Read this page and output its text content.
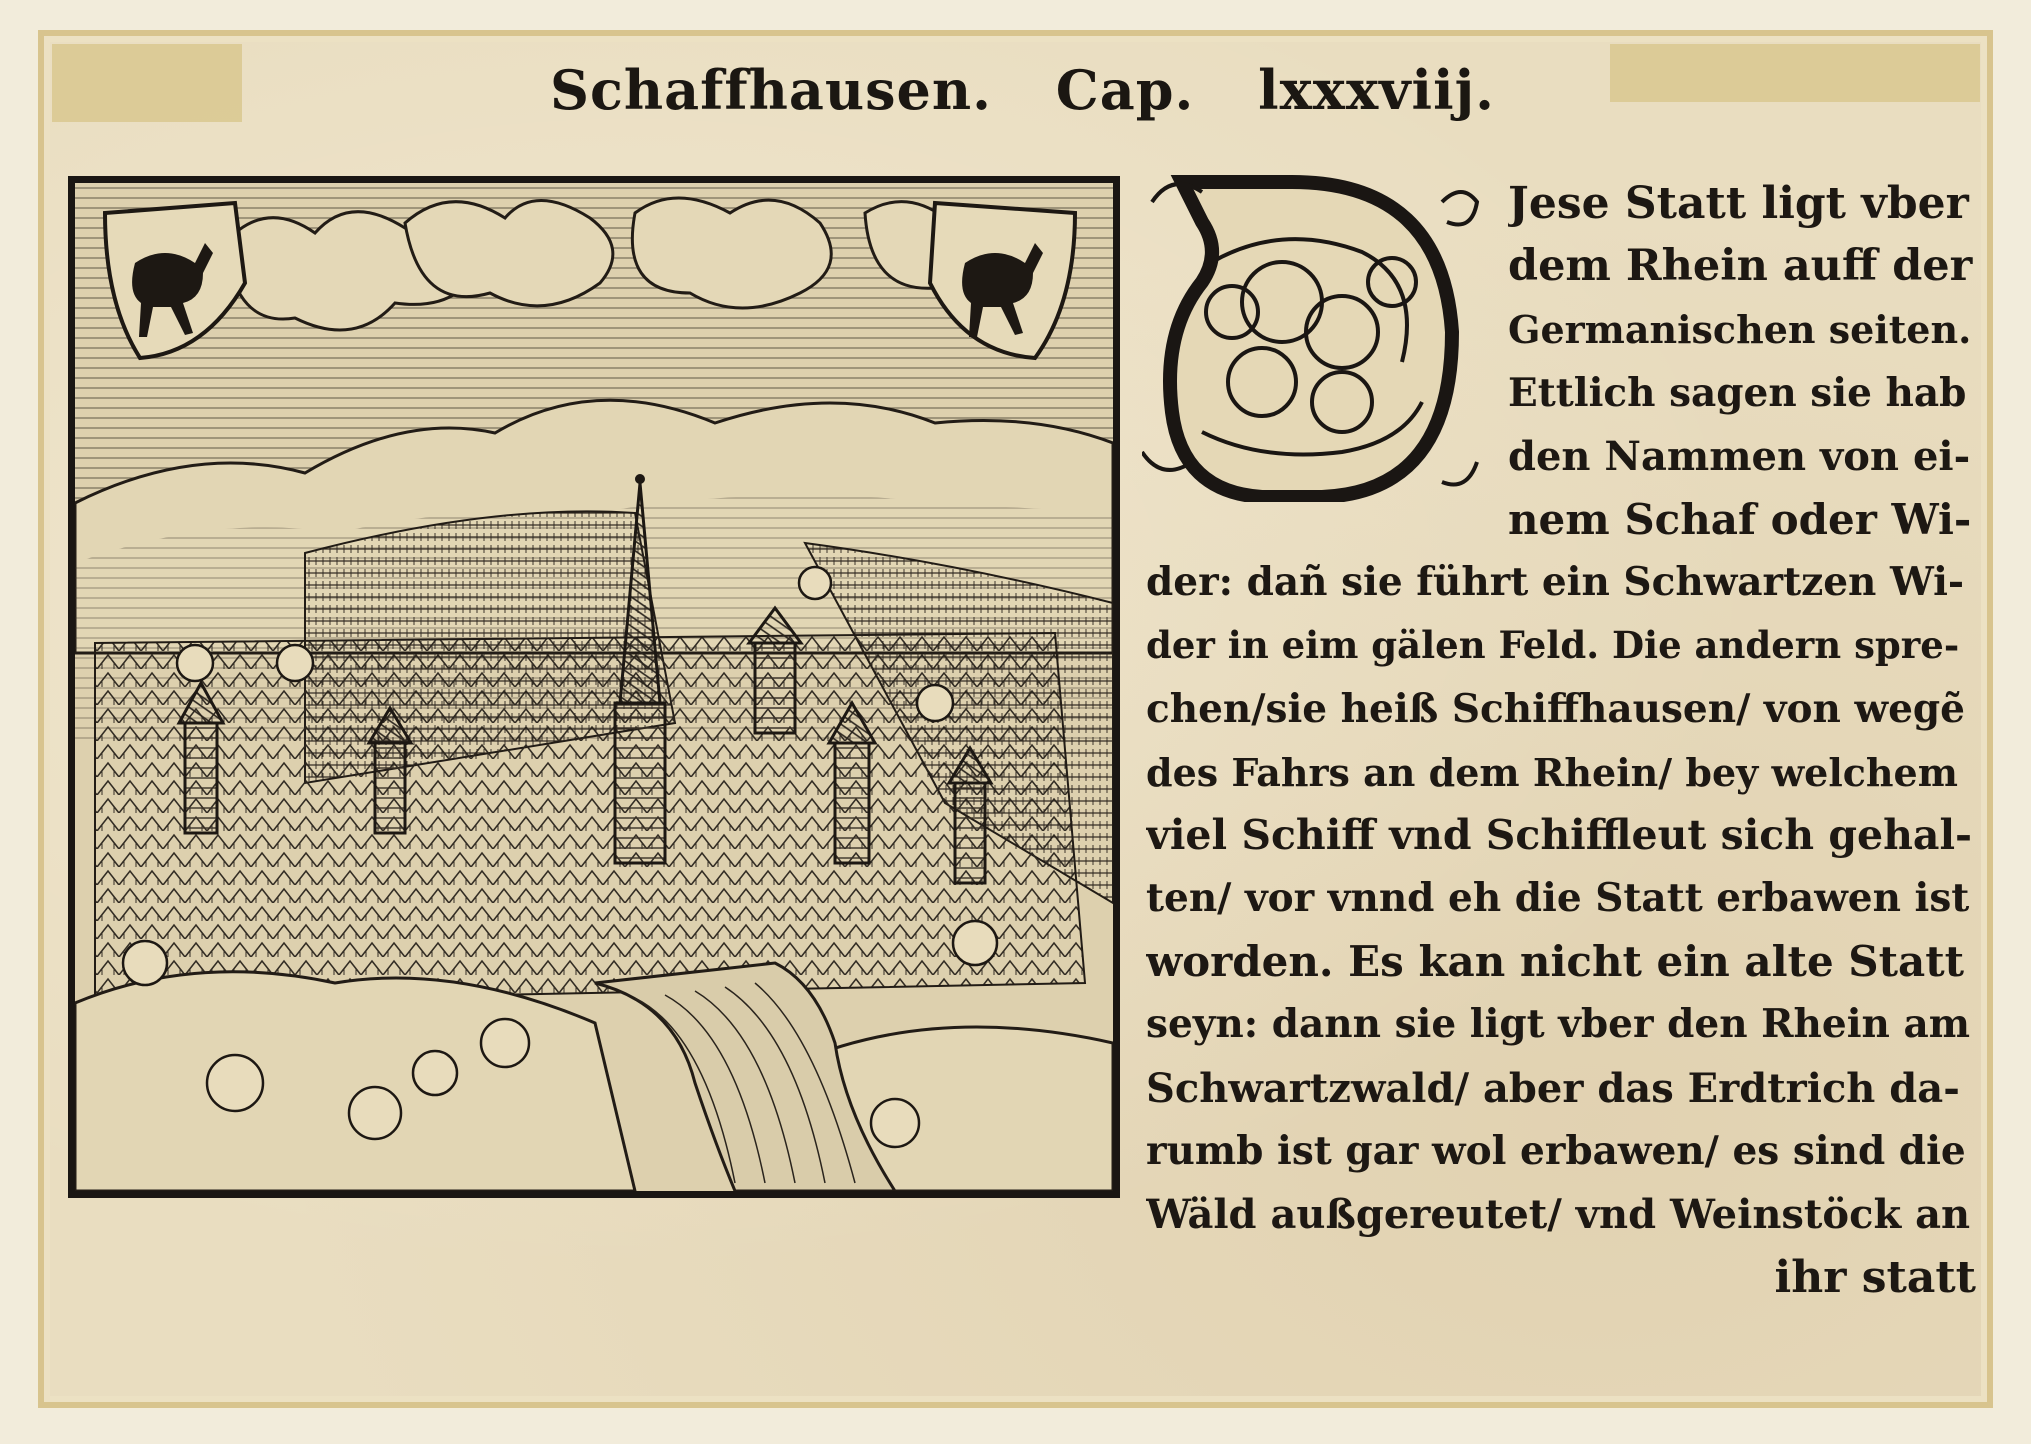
Schaffhausen. Cap. lxxxviij.
Jese Statt ligt vber
dem Rhein auff der
Germanischen seiten.
Ettlich sagen sie hab
den Nammen von ei-
nem Schaf oder Wi-
der: dañ sie führt ein Schwartzen Wi-
der in eim gälen Feld. Die andern spre-
chen/sie heiß Schiffhausen/ von wegẽ
des Fahrs an dem Rhein/ bey welchem
viel Schiff vnd Schiffleut sich gehal-
ten/ vor vnnd eh die Statt erbawen ist
worden. Es kan nicht ein alte Statt
seyn: dann sie ligt vber den Rhein am
Schwartzwald/ aber das Erdtrich da-
rumb ist gar wol erbawen/ es sind die
Wäld außgereutet/ vnd Weinstöck an
ihr statt
